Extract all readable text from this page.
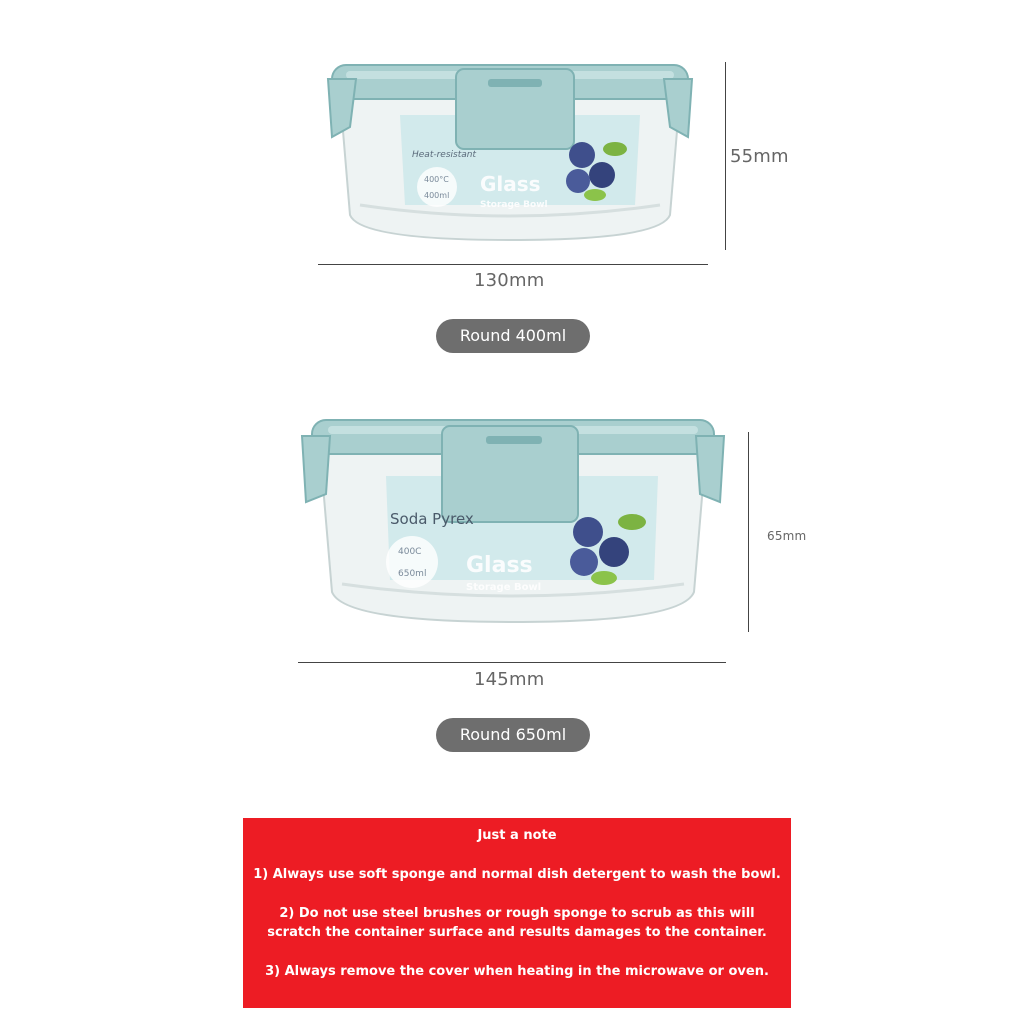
Heat-resistant
400°C
400ml Glass
Storage Bowl
55mm
130mm
Round 400ml
Soda Pyrex
400C
650ml Glass
Storage Bowl
65mm
145mm
Round 650ml

Just a note

1) Always use soft sponge and normal dish detergent to wash the bowl.

2) Do not use steel brushes or rough sponge to scrub as this will scratch the container surface and results damages to the container.

3) Always remove the cover when heating in the microwave or oven.
